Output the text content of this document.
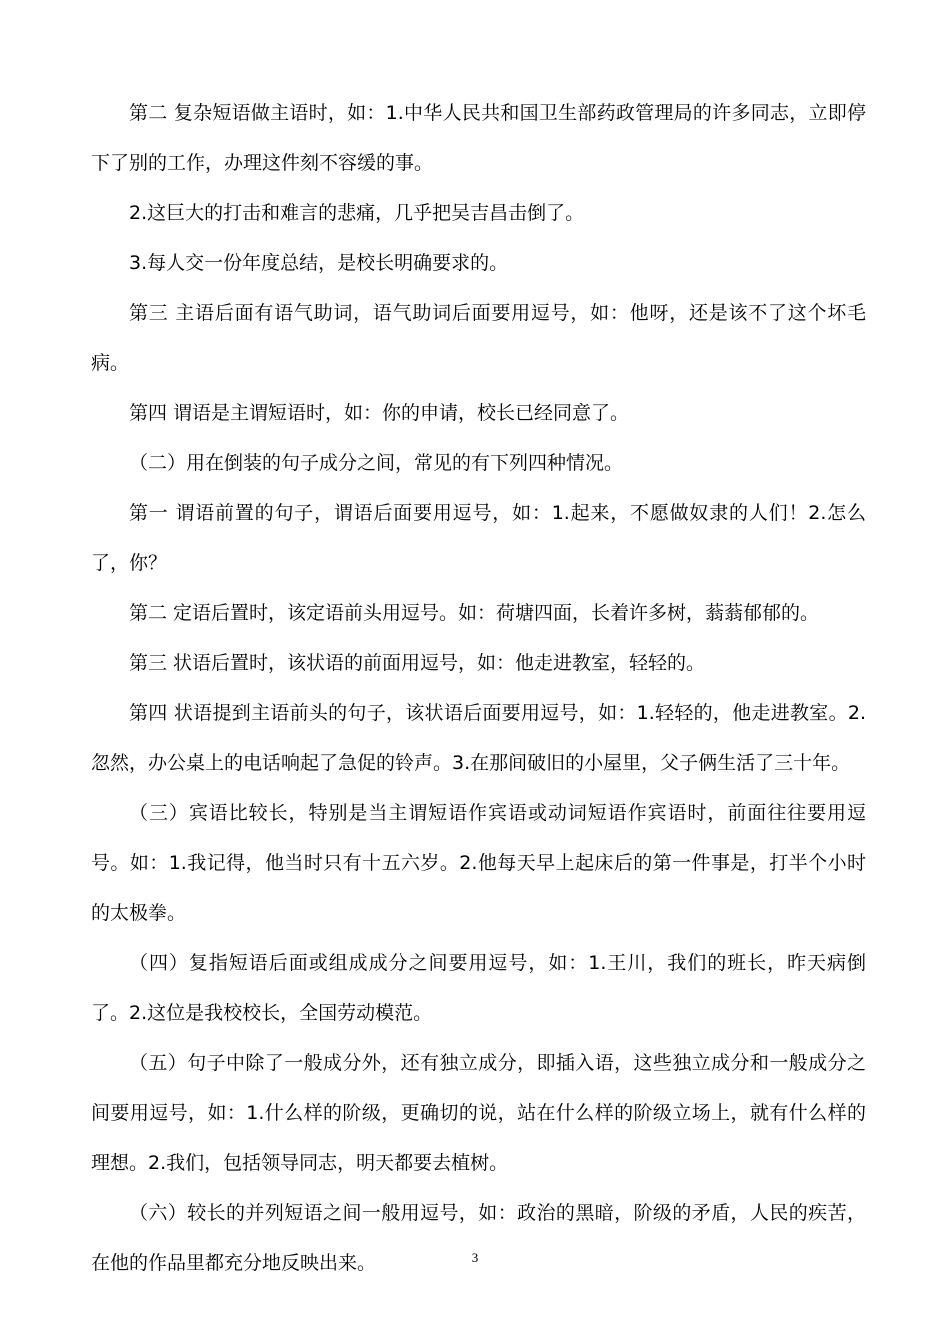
第二 复杂短语做主语时，如：1.中华人民共和国卫生部药政管理局的许多同志，立即停下了别的工作，办理这件刻不容缓的事。

2.这巨大的打击和难言的悲痛，几乎把吴吉昌击倒了。

3.每人交一份年度总结，是校长明确要求的。

第三 主语后面有语气助词，语气助词后面要用逗号，如：他呀，还是该不了这个坏毛病。

第四 谓语是主谓短语时，如：你的申请，校长已经同意了。

（二）用在倒装的句子成分之间，常见的有下列四种情况。

第一 谓语前置的句子，谓语后面要用逗号，如：1.起来，不愿做奴隶的人们！2.怎么了，你？

第二 定语后置时，该定语前头用逗号。如：荷塘四面，长着许多树，蓊蓊郁郁的。

第三 状语后置时，该状语的前面用逗号，如：他走进教室，轻轻的。

第四 状语提到主语前头的句子，该状语后面要用逗号，如：1.轻轻的，他走进教室。2.忽然，办公桌上的电话响起了急促的铃声。3.在那间破旧的小屋里，父子俩生活了三十年。

（三）宾语比较长，特别是当主谓短语作宾语或动词短语作宾语时，前面往往要用逗号。如：1.我记得，他当时只有十五六岁。2.他每天早上起床后的第一件事是，打半个小时的太极拳。

（四）复指短语后面或组成成分之间要用逗号，如：1.王川，我们的班长，昨天病倒了。2.这位是我校校长，全国劳动模范。

（五）句子中除了一般成分外，还有独立成分，即插入语，这些独立成分和一般成分之间要用逗号，如：1.什么样的阶级，更确切的说，站在什么样的阶级立场上，就有什么样的理想。2.我们，包括领导同志，明天都要去植树。

（六）较长的并列短语之间一般用逗号，如：政治的黑暗，阶级的矛盾，人民的疾苦，在他的作品里都充分地反映出来。	3
